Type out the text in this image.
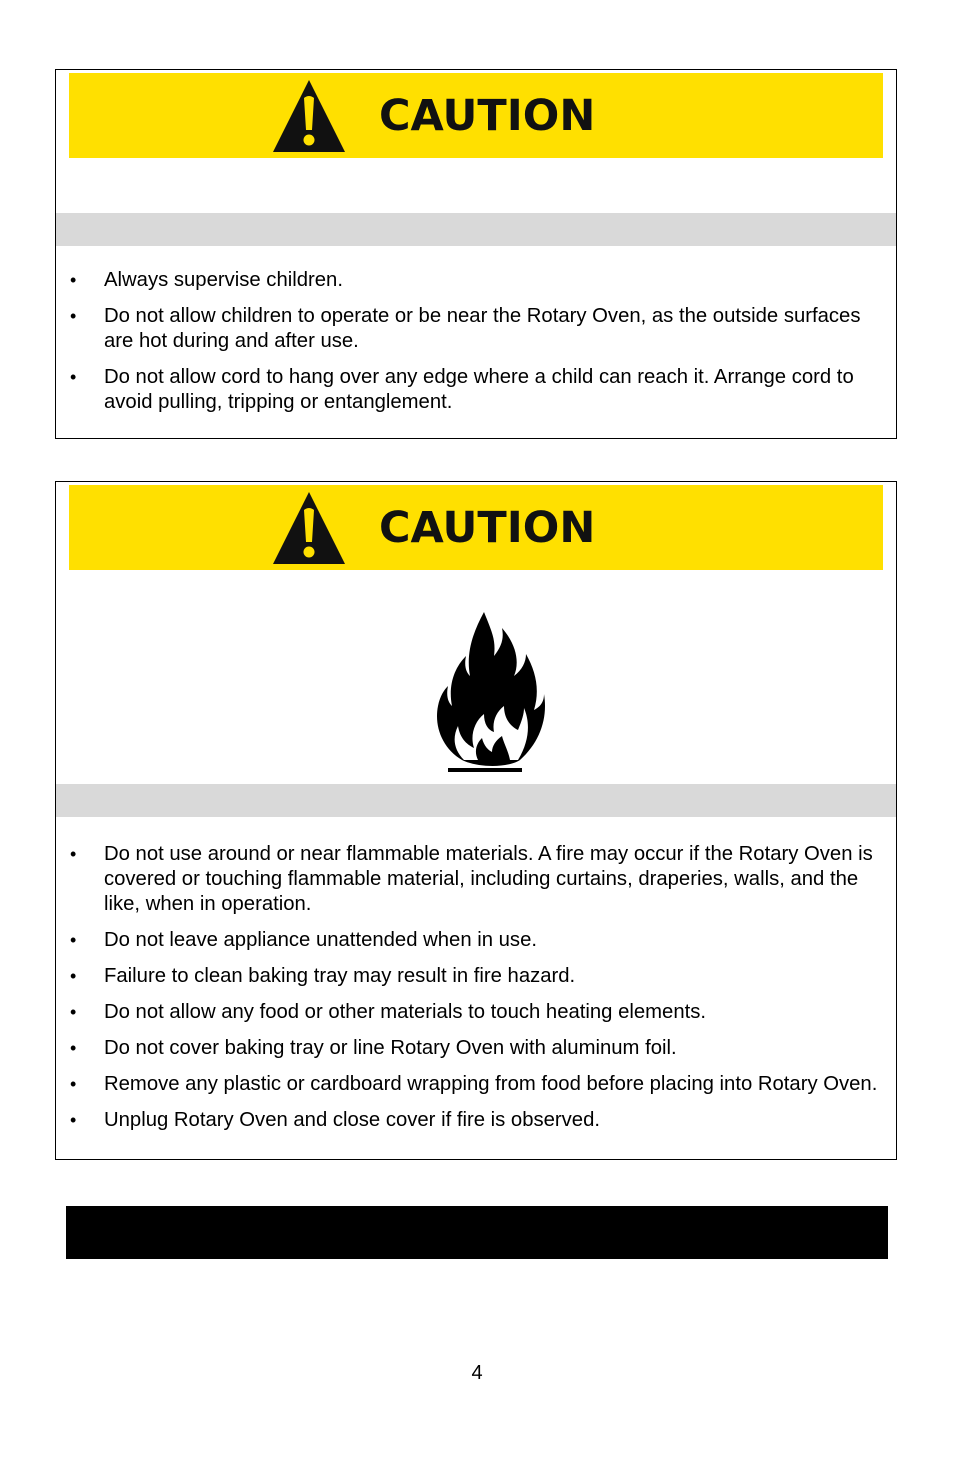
CAUTION
• Always supervise children.
• Do not allow children to operate or be near the Rotary Oven, as the outside surfaces are hot during and after use.
• Do not allow cord to hang over any edge where a child can reach it. Arrange cord to avoid pulling, tripping or entanglement.
CAUTION
• Do not use around or near flammable materials. A fire may occur if the Rotary Oven is covered or touching flammable material, including curtains, draperies, walls, and the like, when in operation.
• Do not leave appliance unattended when in use.
• Failure to clean baking tray may result in fire hazard.
• Do not allow any food or other materials to touch heating elements.
• Do not cover baking tray or line Rotary Oven with aluminum foil.
• Remove any plastic or cardboard wrapping from food before placing into Rotary Oven.
• Unplug Rotary Oven and close cover if fire is observed.
4
